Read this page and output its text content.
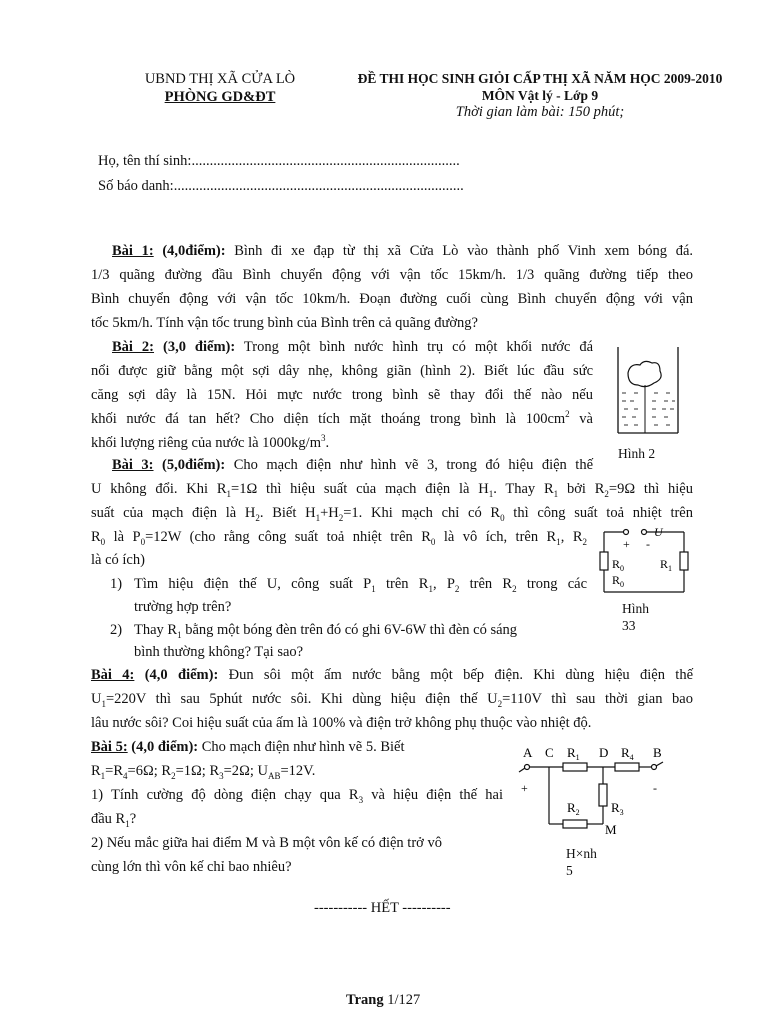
UBND THỊ XÃ CỬA LÒ
PHÒNG GD&ĐT
ĐỀ THI HỌC SINH GIỎI CẤP THỊ XÃ NĂM HỌC 2009-2010
MÔN Vật lý - Lớp 9
Thời gian làm bài: 150 phút;
Họ, tên thí sinh:..........................................................................
Số báo danh:................................................................................
Bài 1: (4,0điểm): Bình đi xe đạp từ thị xã Cửa Lò vào thành phố Vinh xem bóng đá.
1/3 quãng đường đầu Bình chuyển động với vận tốc 15km/h. 1/3 quãng đường tiếp theo
Bình chuyển động với vận tốc 10km/h. Đoạn đường cuối cùng Bình chuyển động với vận
tốc 5km/h. Tính vận tốc trung bình của Bình trên cả quãng đường?
Bài 2: (3,0 điểm): Trong một bình nước hình trụ có một khối nước đá
nổi được giữ bằng một sợi dây nhẹ, không giãn (hình 2). Biết lúc đầu sức
căng sợi dây là 15N. Hỏi mực nước trong bình sẽ thay đổi thế nào nếu
khối nước đá tan hết? Cho diện tích mặt thoáng trong bình là $100cm^2$ và
khối lượng riêng của nước là $1000kg/m^3$.
Hình 2
Bài 3: (5,0điểm): Cho mạch điện như hình vẽ 3, trong đó hiệu điện thế
U không đổi. Khi $R_1=1\Omega$ thì hiệu suất của mạch điện là $H_1$. Thay $R_1$ bởi $R_2=9\Omega$ thì hiệu
suất của mạch điện là $H_2$. Biết $H_1+H_2=1$. Khi mạch chỉ có $R_0$ thì công suất toả nhiệt trên
$R_0$ là $P_0=12W$ (cho rằng công suất toả nhiệt trên $R_0$ là vô ích, trên $R_1$, $R_2$
là có ích)
1) Tìm hiệu điện thế U, công suất $P_1$ trên $R_1$, $P_2$ trên $R_2$ trong các
trường hợp trên?
2) Thay $R_1$ bằng một bóng đèn trên đó có ghi 6V-6W thì đèn có sáng
bình thường không? Tại sao?
U
+ -
$R_0$	$R_1$
$R_0$
Hình
33
Bài 4: (4,0 điểm): Đun sôi một ấm nước bằng một bếp điện. Khi dùng hiệu điện thế
$U_1=220V$ thì sau 5phút nước sôi. Khi dùng hiệu điện thế $U_2=110V$ thì sau thời gian bao
lâu nước sôi? Coi hiệu suất của ấm là 100% và điện trở không phụ thuộc vào nhiệt độ.
Bài 5: (4,0 điểm): Cho mạch điện như hình vẽ 5. Biết
$R_1=R_4=6\Omega$; $R_2=1\Omega$; $R_3=2\Omega$; $U_{AB}=12V$.
1) Tính cường độ dòng điện chạy qua $R_3$ và hiệu điện thế hai
đầu $R_1$?
2) Nếu mắc giữa hai điểm M và B một vôn kế có điện trở vô
cùng lớn thì vôn kế chỉ bao nhiêu?
A C $R_1$ D $R_4$ B
+	-
$R_2$ $R_3$
M
H×nh
5
----------- HẾT ----------
Trang 1/127
